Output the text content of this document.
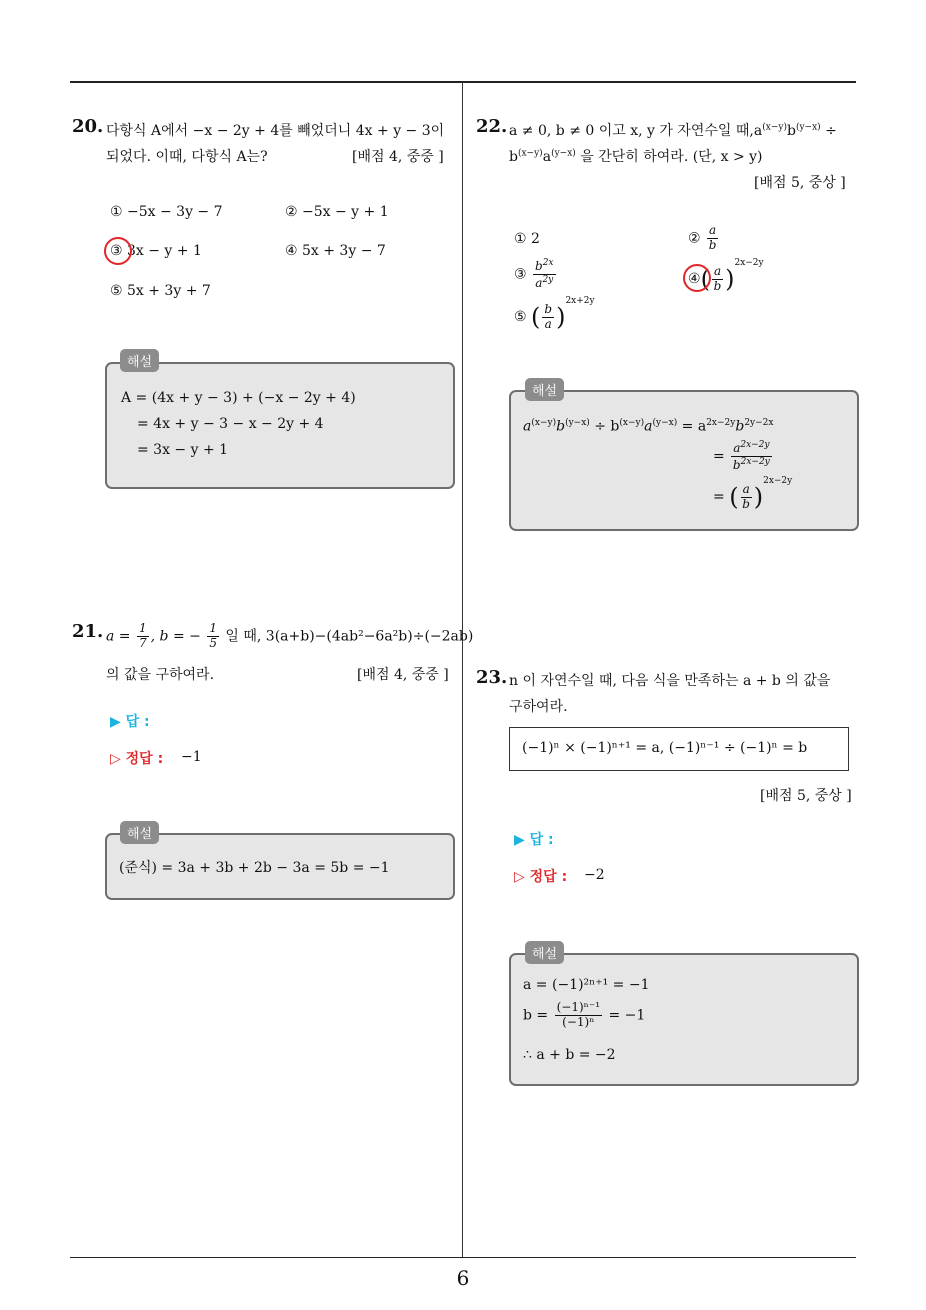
6
20. 다항식 A에서 −x − 2y + 4를 빼었더니 4x + y − 3이
되었다. 이때, 다항식 A는?	[배점 4, 중중 ]
① −5x − 3y − 7	② −5x − y + 1
③ 3x − y + 1	④ 5x + 3y − 7
⑤ 5x + 3y + 7
A = (4x + y − 3) + (−x − 2y + 4)
= 4x + y − 3 − x − 2y + 4
= 3x − y + 1
해설
21. $a = \frac{1}{7}$ , b = − $\frac{1}{5}$ 일 때, 3(a+b)−(4ab²−6a²b)÷(−2ab)
의 값을 구하여라.	[배점 4, 중중 ]
▶ 답 :
▷ 정답 : −1
(준식) = 3a + 3b + 2b − 3a = 5b = −1
해설
22. a ≠ 0, b ≠ 0 이고 x, y 가 자연수일 때$,a^{(x-y)}b^{(y-x)}$ ÷
$b^{(x-y)}a^{(y-x)}$ 을 간단히 하여라. (단, x > y)
[배점 5, 중상 ]
① 2	② $\frac{a}{b}$
③ $\frac{b^{2x}}{a^{2y}}$	④( $\frac{a}{b} )^{2x-2y}$
⑤ ( $\frac{b}{a} )^{2x+2y}$
$a^{(x-y)}b^{(y-x)} \div b^{(x-y)}a^{(y-x)} = a^{2x-2y}b^{2y-2x}$
= $\frac{a^{2x-2y}}{b^{2x-2y}}$
= ( $\frac{a}{b} )^{2x-2y}$
해설
23. n 이 자연수일 때, 다음 식을 만족하는 a + b 의 값을
구하여라.
(−1)ⁿ × (−1)ⁿ⁺¹ = a, (−1)ⁿ⁻¹ ÷ (−1)ⁿ = b
[배점 5, 중상 ]
▶ 답 :
▷ 정답 : −2
a = (−1)²ⁿ⁺¹ = −1
$b = \frac{\text{(−1)ⁿ⁻¹}}{\text{(−1)ⁿ}} = -1$
∴ a + b = −2
해설
